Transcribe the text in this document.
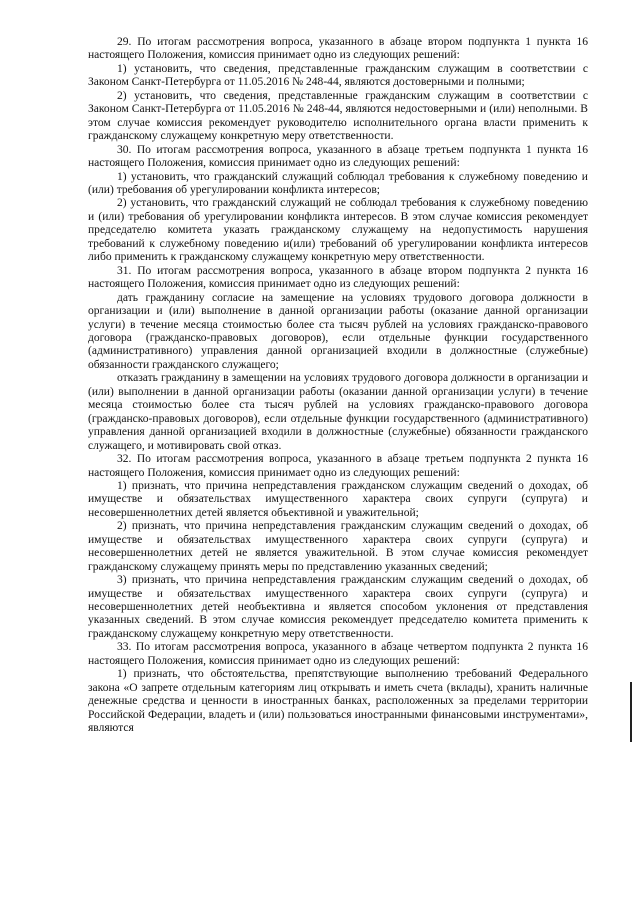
29. По итогам рассмотрения вопроса, указанного в абзаце втором подпункта 1 пункта 16 настоящего Положения, комиссия принимает одно из следующих решений:

1) установить, что сведения, представленные гражданским служащим в соответствии с Законом Санкт-Петербурга от 11.05.2016 № 248-44, являются достоверными и полными;

2) установить, что сведения, представленные гражданским служащим в соответствии с Законом Санкт-Петербурга от 11.05.2016 № 248-44, являются недостоверными и (или) неполными. В этом случае комиссия рекомендует руководителю исполнительного органа власти применить к гражданскому служащему конкретную меру ответственности.

30. По итогам рассмотрения вопроса, указанного в абзаце третьем подпункта 1 пункта 16 настоящего Положения, комиссия принимает одно из следующих решений:

1) установить, что гражданский служащий соблюдал требования к служебному поведению и (или) требования об урегулировании конфликта интересов;

2) установить, что гражданский служащий не соблюдал требования к служебному поведению и (или) требования об урегулировании конфликта интересов. В этом случае комиссия рекомендует председателю комитета указать гражданскому служащему на недопустимость нарушения требований к служебному поведению и(или) требований об урегулировании конфликта интересов либо применить к гражданскому служащему конкретную меру ответственности.

31. По итогам рассмотрения вопроса, указанного в абзаце втором подпункта 2 пункта 16 настоящего Положения, комиссия принимает одно из следующих решений:

дать гражданину согласие на замещение на условиях трудового договора должности в организации и (или) выполнение в данной организации работы (оказание данной организации услуги) в течение месяца стоимостью более ста тысяч рублей на условиях гражданско-правового договора (гражданско-правовых договоров), если отдельные функции государственного (административного) управления данной организацией входили в должностные (служебные) обязанности гражданского служащего;

отказать гражданину в замещении на условиях трудового договора должности в организации и (или) выполнении в данной организации работы (оказании данной организации услуги) в течение месяца стоимостью более ста тысяч рублей на условиях гражданско-правового договора (гражданско-правовых договоров), если отдельные функции государственного (административного) управления данной организацией входили в должностные (служебные) обязанности гражданского служащего, и мотивировать свой отказ.

32. По итогам рассмотрения вопроса, указанного в абзаце третьем подпункта 2 пункта 16 настоящего Положения, комиссия принимает одно из следующих решений:

1) признать, что причина непредставления гражданском служащим сведений о доходах, об имуществе и обязательствах имущественного характера своих супруги (супруга) и несовершеннолетних детей является объективной и уважительной;

2) признать, что причина непредставления гражданским служащим сведений о доходах, об имуществе и обязательствах имущественного характера своих супруги (супруга) и несовершеннолетних детей не является уважительной. В этом случае комиссия рекомендует гражданскому служащему принять меры по представлению указанных сведений;

3) признать, что причина непредставления гражданским служащим сведений о доходах, об имуществе и обязательствах имущественного характера своих супруги (супруга) и несовершеннолетних детей необъективна и является способом уклонения от представления указанных сведений. В этом случае комиссия рекомендует председателю комитета применить к гражданскому служащему конкретную меру ответственности.

33. По итогам рассмотрения вопроса, указанного в абзаце четвертом подпункта 2 пункта 16 настоящего Положения, комиссия принимает одно из следующих решений:

1) признать, что обстоятельства, препятствующие выполнению требований Федерального закона «О запрете отдельным категориям лиц открывать и иметь счета (вклады), хранить наличные денежные средства и ценности в иностранных банках, расположенных за пределами территории Российской Федерации, владеть и (или) пользоваться иностранными финансовыми инструментами», являются
